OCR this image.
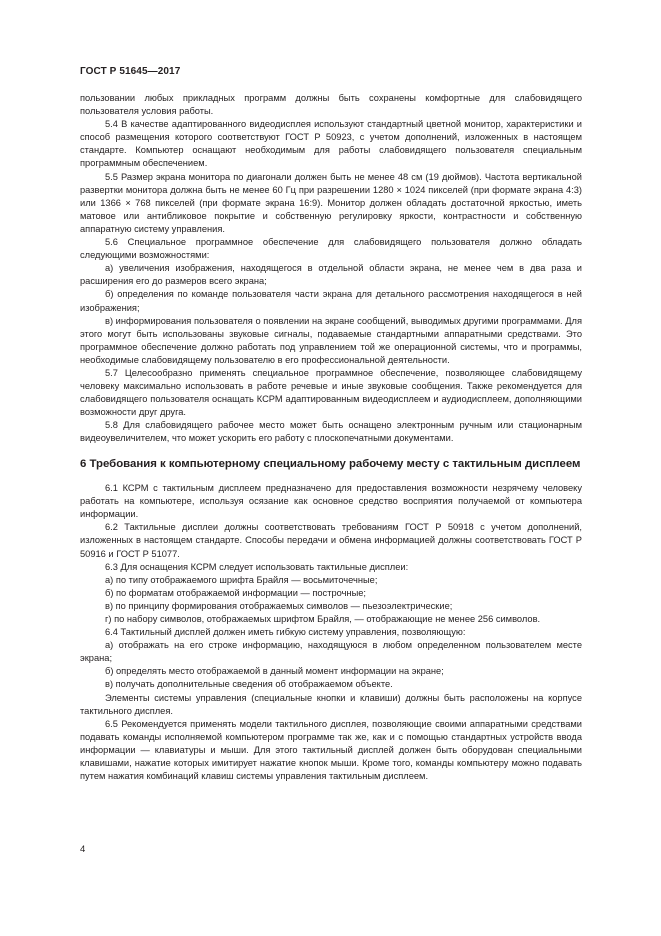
ГОСТ Р 51645—2017

пользовании любых прикладных программ должны быть сохранены комфортные для слабовидящего пользователя условия работы.

5.4 В качестве адаптированного видеодисплея используют стандартный цветной монитор, характеристики и способ размещения которого соответствуют ГОСТ Р 50923, с учетом дополнений, изложенных в настоящем стандарте. Компьютер оснащают необходимым для работы слабовидящего пользователя специальным программным обеспечением.

5.5 Размер экрана монитора по диагонали должен быть не менее 48 см (19 дюймов). Частота вертикальной развертки монитора должна быть не менее 60 Гц при разрешении 1280 × 1024 пикселей (при формате экрана 4:3) или 1366 × 768 пикселей (при формате экрана 16:9). Монитор должен обладать достаточной яркостью, иметь матовое или антибликовое покрытие и собственную регулировку яркости, контрастности и собственную аппаратную систему управления.

5.6 Специальное программное обеспечение для слабовидящего пользователя должно обладать следующими возможностями:

а) увеличения изображения, находящегося в отдельной области экрана, не менее чем в два раза и расширения его до размеров всего экрана;

б) определения по команде пользователя части экрана для детального рассмотрения находящегося в ней изображения;

в) информирования пользователя о появлении на экране сообщений, выводимых другими программами. Для этого могут быть использованы звуковые сигналы, подаваемые стандартными аппаратными средствами. Это программное обеспечение должно работать под управлением той же операционной системы, что и программы, необходимые слабовидящему пользователю в его профессиональной деятельности.

5.7 Целесообразно применять специальное программное обеспечение, позволяющее слабовидящему человеку максимально использовать в работе речевые и иные звуковые сообщения. Также рекомендуется для слабовидящего пользователя оснащать КСРМ адаптированным видеодисплеем и аудиодисплеем, дополняющими возможности друг друга.

5.8 Для слабовидящего рабочее место может быть оснащено электронным ручным или стационарным видеоувеличителем, что может ускорить его работу с плоскопечатными документами.

6 Требования к компьютерному специальному рабочему месту с тактильным дисплеем

6.1 КСРМ с тактильным дисплеем предназначено для предоставления возможности незрячему человеку работать на компьютере, используя осязание как основное средство восприятия получаемой от компьютера информации.

6.2 Тактильные дисплеи должны соответствовать требованиям ГОСТ Р 50918 с учетом дополнений, изложенных в настоящем стандарте. Способы передачи и обмена информацией должны соответствовать ГОСТ Р 50916 и ГОСТ Р 51077.

6.3 Для оснащения КСРМ следует использовать тактильные дисплеи:

а) по типу отображаемого шрифта Брайля — восьмиточечные;

б) по форматам отображаемой информации — построчные;

в) по принципу формирования отображаемых символов — пьезоэлектрические;

г) по набору символов, отображаемых шрифтом Брайля, — отображающие не менее 256 символов.

6.4 Тактильный дисплей должен иметь гибкую систему управления, позволяющую:

а) отображать на его строке информацию, находящуюся в любом определенном пользователем месте экрана;

б) определять место отображаемой в данный момент информации на экране;

в) получать дополнительные сведения об отображаемом объекте.

Элементы системы управления (специальные кнопки и клавиши) должны быть расположены на корпусе тактильного дисплея.

6.5 Рекомендуется применять модели тактильного дисплея, позволяющие своими аппаратными средствами подавать команды исполняемой компьютером программе так же, как и с помощью стандартных устройств ввода информации — клавиатуры и мыши. Для этого тактильный дисплей должен быть оборудован специальными клавишами, нажатие которых имитирует нажатие кнопок мыши. Кроме того, команды компьютеру можно подавать путем нажатия комбинаций клавиш системы управления тактильным дисплеем.

4
